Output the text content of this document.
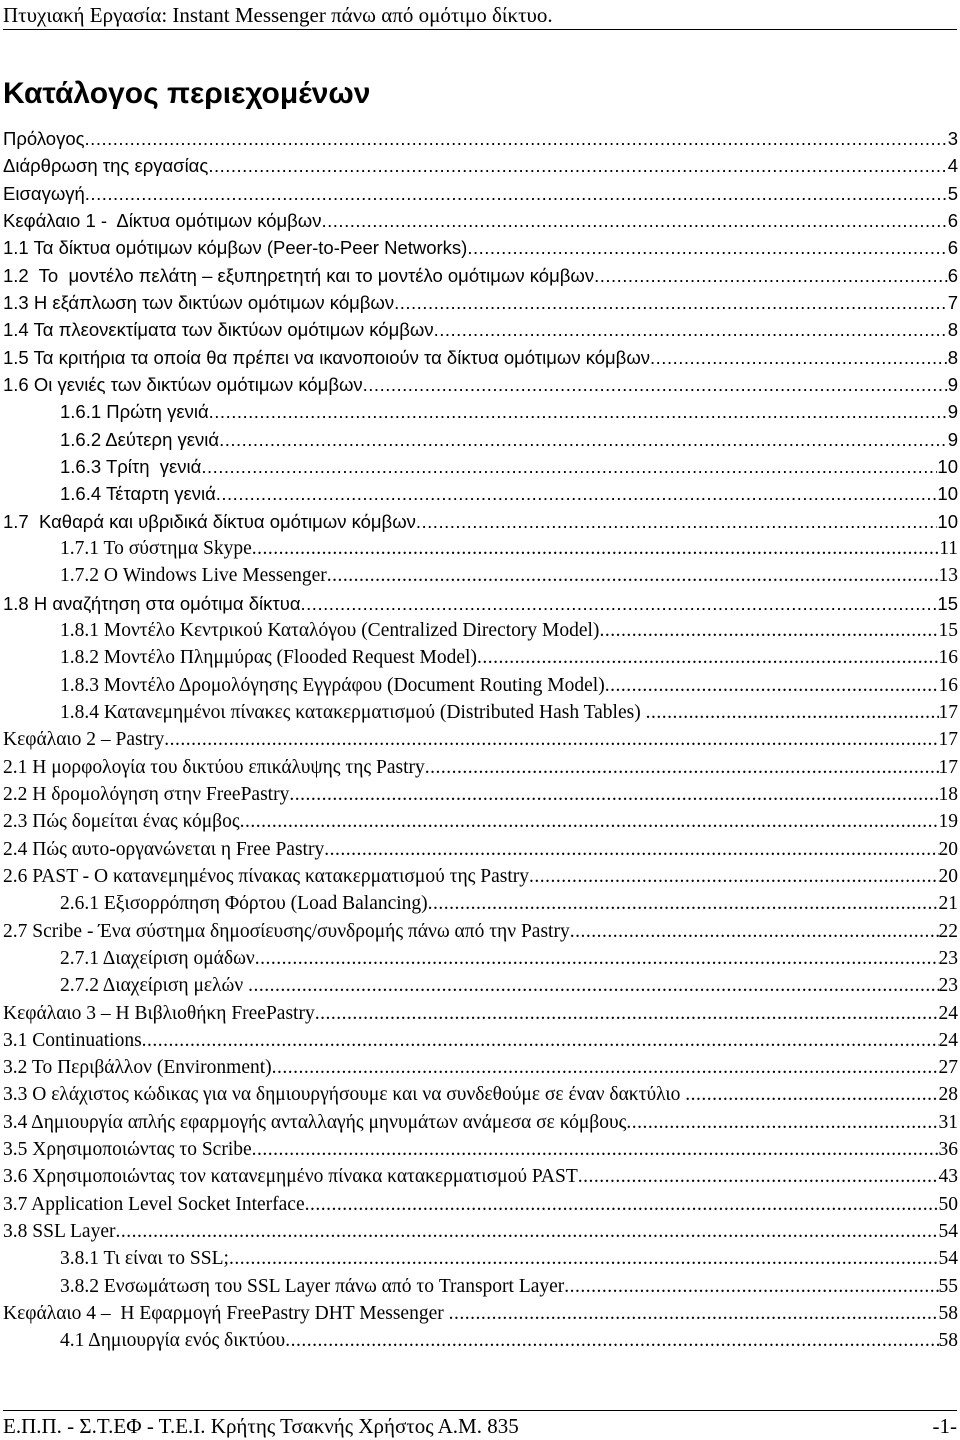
Πτυχιακή Εργασία: Instant Messenger πάνω από ομότιμο δίκτυο.
Κατάλογος περιεχομένων
Πρόλογος .....	3
Διάρθρωση της εργασίας .....	4
Εισαγωγή .....	5
Κεφάλαιο 1 -  Δίκτυα ομότιμων κόμβων .....	6
1.1 Τα δίκτυα ομότιμων κόμβων (Peer-to-Peer Networks) .....	6
1.2  Το  μοντέλο πελάτη – εξυπηρετητή και το μοντέλο ομότιμων κόμβων .....	6
1.3 Η εξάπλωση των δικτύων ομότιμων κόμβων .....	7
1.4 Τα πλεονεκτίματα των δικτύων ομότιμων κόμβων .....	8
1.5 Τα κριτήρια τα οποία θα πρέπει να ικανοποιούν τα δίκτυα ομότιμων κόμβων .....	8
1.6 Οι γενιές των δικτύων ομότιμων κόμβων .....	9
1.6.1 Πρώτη γενιά .....	9
1.6.2 Δεύτερη γενιά .....	9
1.6.3 Τρίτη  γενιά .....	10
1.6.4 Τέταρτη γενιά .....	10
1.7  Καθαρά και υβριδικά δίκτυα ομότιμων κόμβων .....	10
1.7.1 Το σύστημα Skype .....	11
1.7.2 Ο Windows Live Messenger .....	13
1.8 Η αναζήτηση στα ομότιμα δίκτυα .....	15
1.8.1 Μοντέλο Κεντρικού Καταλόγου (Centralized Directory Model) .....	15
1.8.2 Μοντέλο Πλημμύρας (Flooded Request Model) .....	16
1.8.3 Μοντέλο Δρομολόγησης Εγγράφου (Document Routing Model) .....	16
1.8.4 Κατανεμημένοι πίνακες κατακερματισμού (Distributed Hash Tables) .....	17
Κεφάλαιο 2 – Pastry .....	17
2.1 Η μορφολογία του δικτύου επικάλυψης της Pastry .....	17
2.2 Η δρομολόγηση στην FreePastry .....	18
2.3 Πώς δομείται ένας κόμβος .....	19
2.4 Πώς αυτο-οργανώνεται η Free Pastry .....	20
2.6 PAST - Ο κατανεμημένος πίνακας κατακερματισμού της Pastry .....	20
2.6.1 Εξισορρόπηση Φόρτου (Load Balancing) .....	21
2.7 Scribe - Ένα σύστημα δημοσίευσης/συνδρομής πάνω από την Pastry .....	22
2.7.1 Διαχείριση ομάδων .....	23
2.7.2 Διαχείριση μελών .....	23
Κεφάλαιο 3 – Η Βιβλιοθήκη FreePastry .....	24
3.1 Continuations .....	24
3.2 Το Περιβάλλον (Environment) .....	27
3.3 Ο ελάχιστος κώδικας για να δημιουργήσουμε και να συνδεθούμε σε έναν δακτύλιο .....	28
3.4 Δημιουργία απλής εφαρμογής ανταλλαγής μηνυμάτων ανάμεσα σε κόμβους .....	31
3.5 Χρησιμοποιώντας το Scribe .....	36
3.6 Χρησιμοποιώντας τον κατανεμημένο πίνακα κατακερματισμού PAST .....	43
3.7 Application Level Socket Interface .....	50
3.8 SSL Layer .....	54
3.8.1 Τι είναι το SSL; .....	54
3.8.2 Ενσωμάτωση του SSL Layer πάνω από το Transport Layer .....	55
Κεφάλαιο 4 –  Η Εφαρμογή FreePastry DHT Messenger .....	58
4.1 Δημιουργία ενός δικτύου .....	58
Ε.Π.Π. - Σ.Τ.ΕΦ - Τ.Ε.Ι. Κρήτης Τσακνής Χρήστος Α.Μ. 835	-1-
